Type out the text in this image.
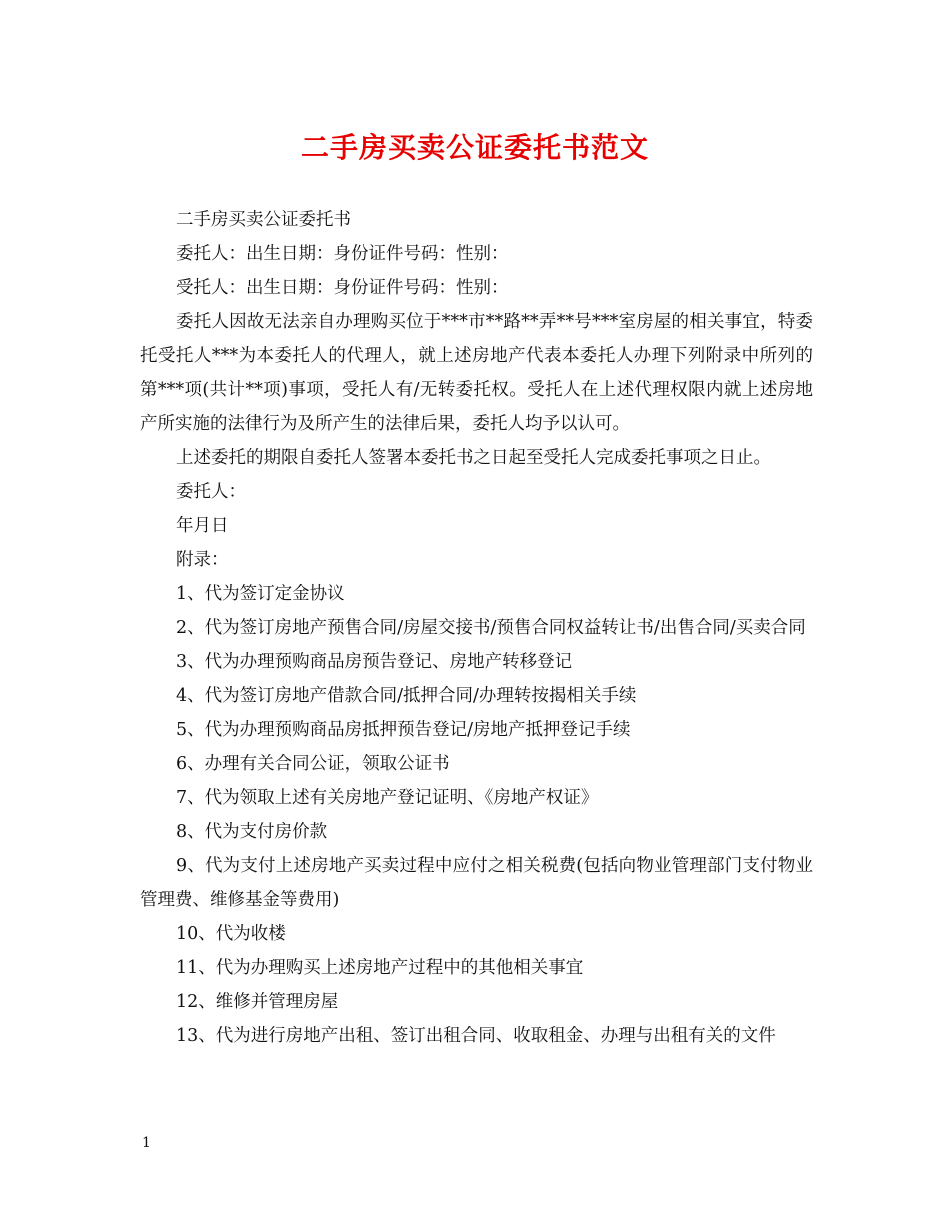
二手房买卖公证委托书范文

二手房买卖公证委托书

委托人：出生日期：身份证件号码：性别：

受托人：出生日期：身份证件号码：性别：

委托人因故无法亲自办理购买位于***市**路**弄**号***室房屋的相关事宜，特委托受托人***为本委托人的代理人，就上述房地产代表本委托人办理下列附录中所列的第***项(共计**项)事项，受托人有/无转委托权。受托人在上述代理权限内就上述房地产所实施的法律行为及所产生的法律后果，委托人均予以认可。

上述委托的期限自委托人签署本委托书之日起至受托人完成委托事项之日止。

委托人：

年月日

附录：

1、代为签订定金协议

2、代为签订房地产预售合同/房屋交接书/预售合同权益转让书/出售合同/买卖合同

3、代为办理预购商品房预告登记、房地产转移登记

4、代为签订房地产借款合同/抵押合同/办理转按揭相关手续

5、代为办理预购商品房抵押预告登记/房地产抵押登记手续

6、办理有关合同公证，领取公证书

7、代为领取上述有关房地产登记证明、《房地产权证》

8、代为支付房价款

9、代为支付上述房地产买卖过程中应付之相关税费(包括向物业管理部门支付物业管理费、维修基金等费用)

10、代为收楼

11、代为办理购买上述房地产过程中的其他相关事宜

12、维修并管理房屋

13、代为进行房地产出租、签订出租合同、收取租金、办理与出租有关的文件

1
